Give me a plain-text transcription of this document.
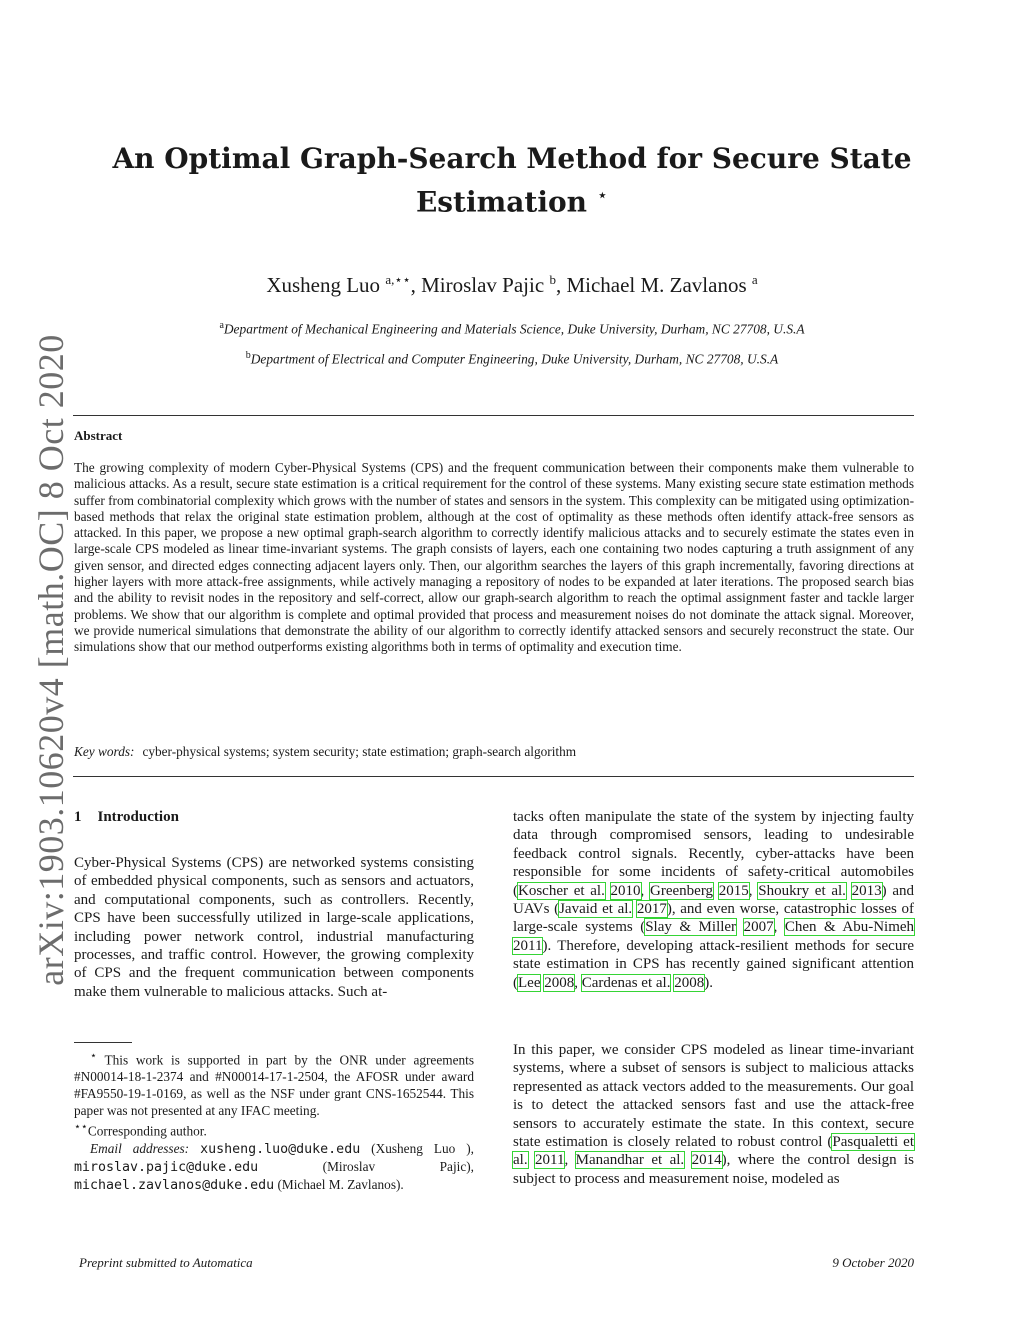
arXiv:1903.10620v4 [math.OC] 8 Oct 2020
An Optimal Graph-Search Method for Secure State
Estimation ⋆
Xusheng Luo $^{a,⋆⋆}$, Miroslav Pajic $^b$, Michael M. Zavlanos $^a$
$^a$Department of Mechanical Engineering and Materials Science, Duke University, Durham, NC 27708, U.S.A
$^b$Department of Electrical and Computer Engineering, Duke University, Durham, NC 27708, U.S.A
Abstract
The growing complexity of modern Cyber-Physical Systems (CPS) and the frequent communication between their components make them vulnerable to malicious attacks. As a result, secure state estimation is a critical requirement for the control of these systems. Many existing secure state estimation methods suffer from combinatorial complexity which grows with the number of states and sensors in the system. This complexity can be mitigated using optimization-based methods that relax the original state estimation problem, although at the cost of optimality as these methods often identify attack-free sensors as attacked. In this paper, we propose a new optimal graph-search algorithm to correctly identify malicious attacks and to securely estimate the states even in large-scale CPS modeled as linear time-invariant systems. The graph consists of layers, each one containing two nodes capturing a truth assignment of any given sensor, and directed edges connecting adjacent layers only. Then, our algorithm searches the layers of this graph incrementally, favoring directions at higher layers with more attack-free assignments, while actively managing a repository of nodes to be expanded at later iterations. The proposed search bias and the ability to revisit nodes in the repository and self-correct, allow our graph-search algorithm to reach the optimal assignment faster and tackle larger problems. We show that our algorithm is complete and optimal provided that process and measurement noises do not dominate the attack signal. Moreover, we provide numerical simulations that demonstrate the ability of our algorithm to correctly identify attacked sensors and securely reconstruct the state. Our simulations show that our method outperforms existing algorithms both in terms of optimality and execution time.
Key words: cyber-physical systems; system security; state estimation; graph-search algorithm
1 Introduction

Cyber-Physical Systems (CPS) are networked systems consisting of embedded physical components, such as sensors and actuators, and computational components, such as controllers. Recently, CPS have been successfully utilized in large-scale applications, including power network control, industrial manufacturing processes, and traffic control. However, the growing complexity of CPS and the frequent communication between components make them vulnerable to malicious attacks. Such at-

⋆ This work is supported in part by the ONR under agreements #N00014-18-1-2374 and #N00014-17-1-2504, the AFOSR under award #FA9550-19-1-0169, as well as the NSF under grant CNS-1652544. This paper was not presented at any IFAC meeting.

⋆⋆Corresponding author.

Email addresses: xusheng.luo@duke.edu (Xusheng Luo ), miroslav.pajic@duke.edu	(Miroslav Pajic), michael.zavlanos@duke.edu (Michael M. Zavlanos).

tacks often manipulate the state of the system by injecting faulty data through compromised sensors, leading to undesirable feedback control signals. Recently, cyber-attacks have been responsible for some incidents of safety-critical automobiles (Koscher et al. 2010, Greenberg 2015, Shoukry et al. 2013) and UAVs (Javaid et al. 2017), and even worse, catastrophic losses of large-scale systems (Slay & Miller 2007, Chen & Abu-Nimeh 2011). Therefore, developing attack-resilient methods for secure state estimation in CPS has recently gained significant attention (Lee 2008, Cardenas et al. 2008).

In this paper, we consider CPS modeled as linear time-invariant systems, where a subset of sensors is subject to malicious attacks represented as attack vectors added to the measurements. Our goal is to detect the attacked sensors fast and use the attack-free sensors to accurately estimate the state. In this context, secure state estimation is closely related to robust control (Pasqualetti et al. 2011, Manandhar et al. 2014), where the control design is subject to process and measurement noise, modeled as

Preprint submitted to Automatica	9 October 2020
